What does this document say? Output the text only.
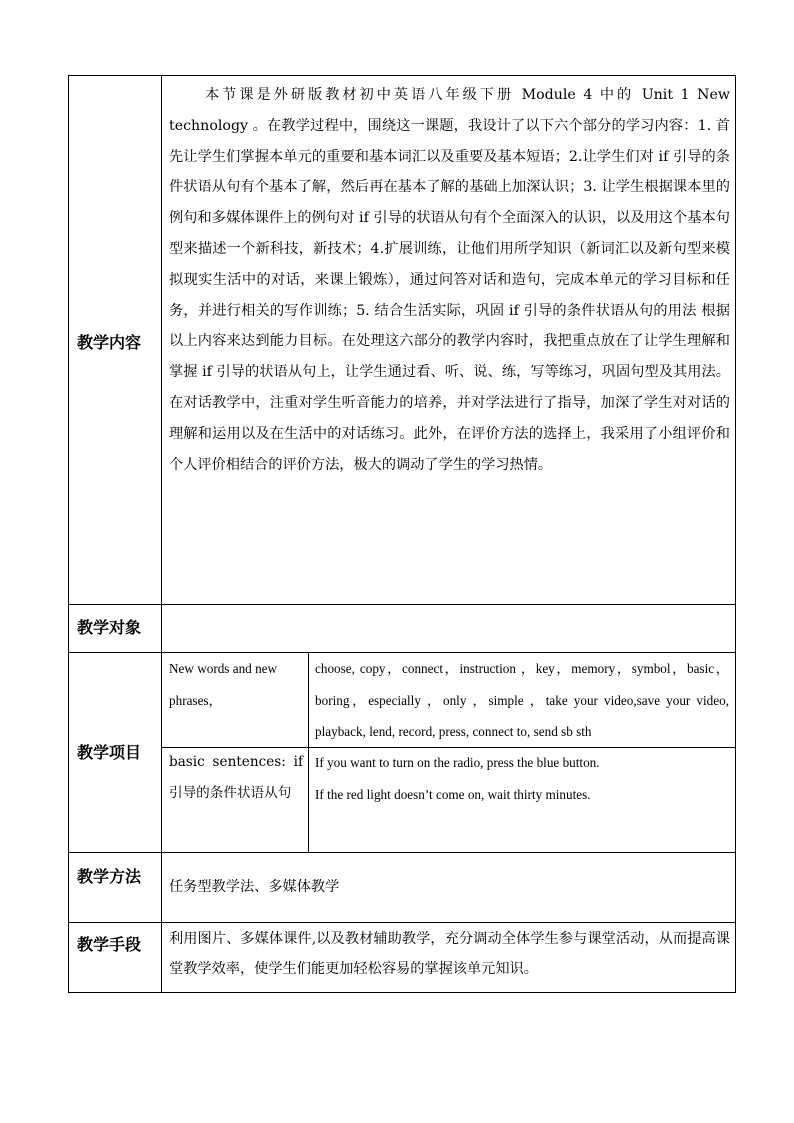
教学内容
本节课是外研版教材初中英语八年级下册 Module 4 中的 Unit 1 New technology 。在教学过程中，围绕这一课题，我设计了以下六个部分的学习内容：1. 首先让学生们掌握本单元的重要和基本词汇以及重要及基本短语；2.让学生们对 if 引导的条件状语从句有个基本了解，然后再在基本了解的基础上加深认识；3. 让学生根据课本里的例句和多媒体课件上的例句对 if 引导的状语从句有个全面深入的认识，以及用这个基本句型来描述一个新科技，新技术；4.扩展训练，让他们用所学知识（新词汇以及新句型来模拟现实生活中的对话，来课上锻炼），通过问答对话和造句，完成本单元的学习目标和任务，并进行相关的写作训练；5. 结合生活实际，巩固 if 引导的条件状语从句的用法 根据以上内容来达到能力目标。在处理这六部分的教学内容时，我把重点放在了让学生理解和掌握 if 引导的状语从句上，让学生通过看、听、说、练，写等练习，巩固句型及其用法。在对话教学中，注重对学生听音能力的培养，并对学法进行了指导，加深了学生对对话的理解和运用以及在生活中的对话练习。此外，在评价方法的选择上，我采用了小组评价和个人评价相结合的评价方法，极大的调动了学生的学习热情。
教学对象
教学项目
New words and new phrases，
choose, copy，connect，instruction ，key，memory，symbol，basic，boring，especially ，only ，simple ，take your video,save your video, playback, lend, record, press, connect to, send sb sth
basic sentences: if 引导的条件状语从句
If you want to turn on the radio, press the blue button.
If the red light doesn’t come on, wait thirty minutes.
教学方法
任务型教学法、多媒体教学
教学手段 利用图片、多媒体课件,以及教材辅助教学，充分调动全体学生参与课堂活动，从而提高课堂教学效率，使学生们能更加轻松容易的掌握该单元知识。
